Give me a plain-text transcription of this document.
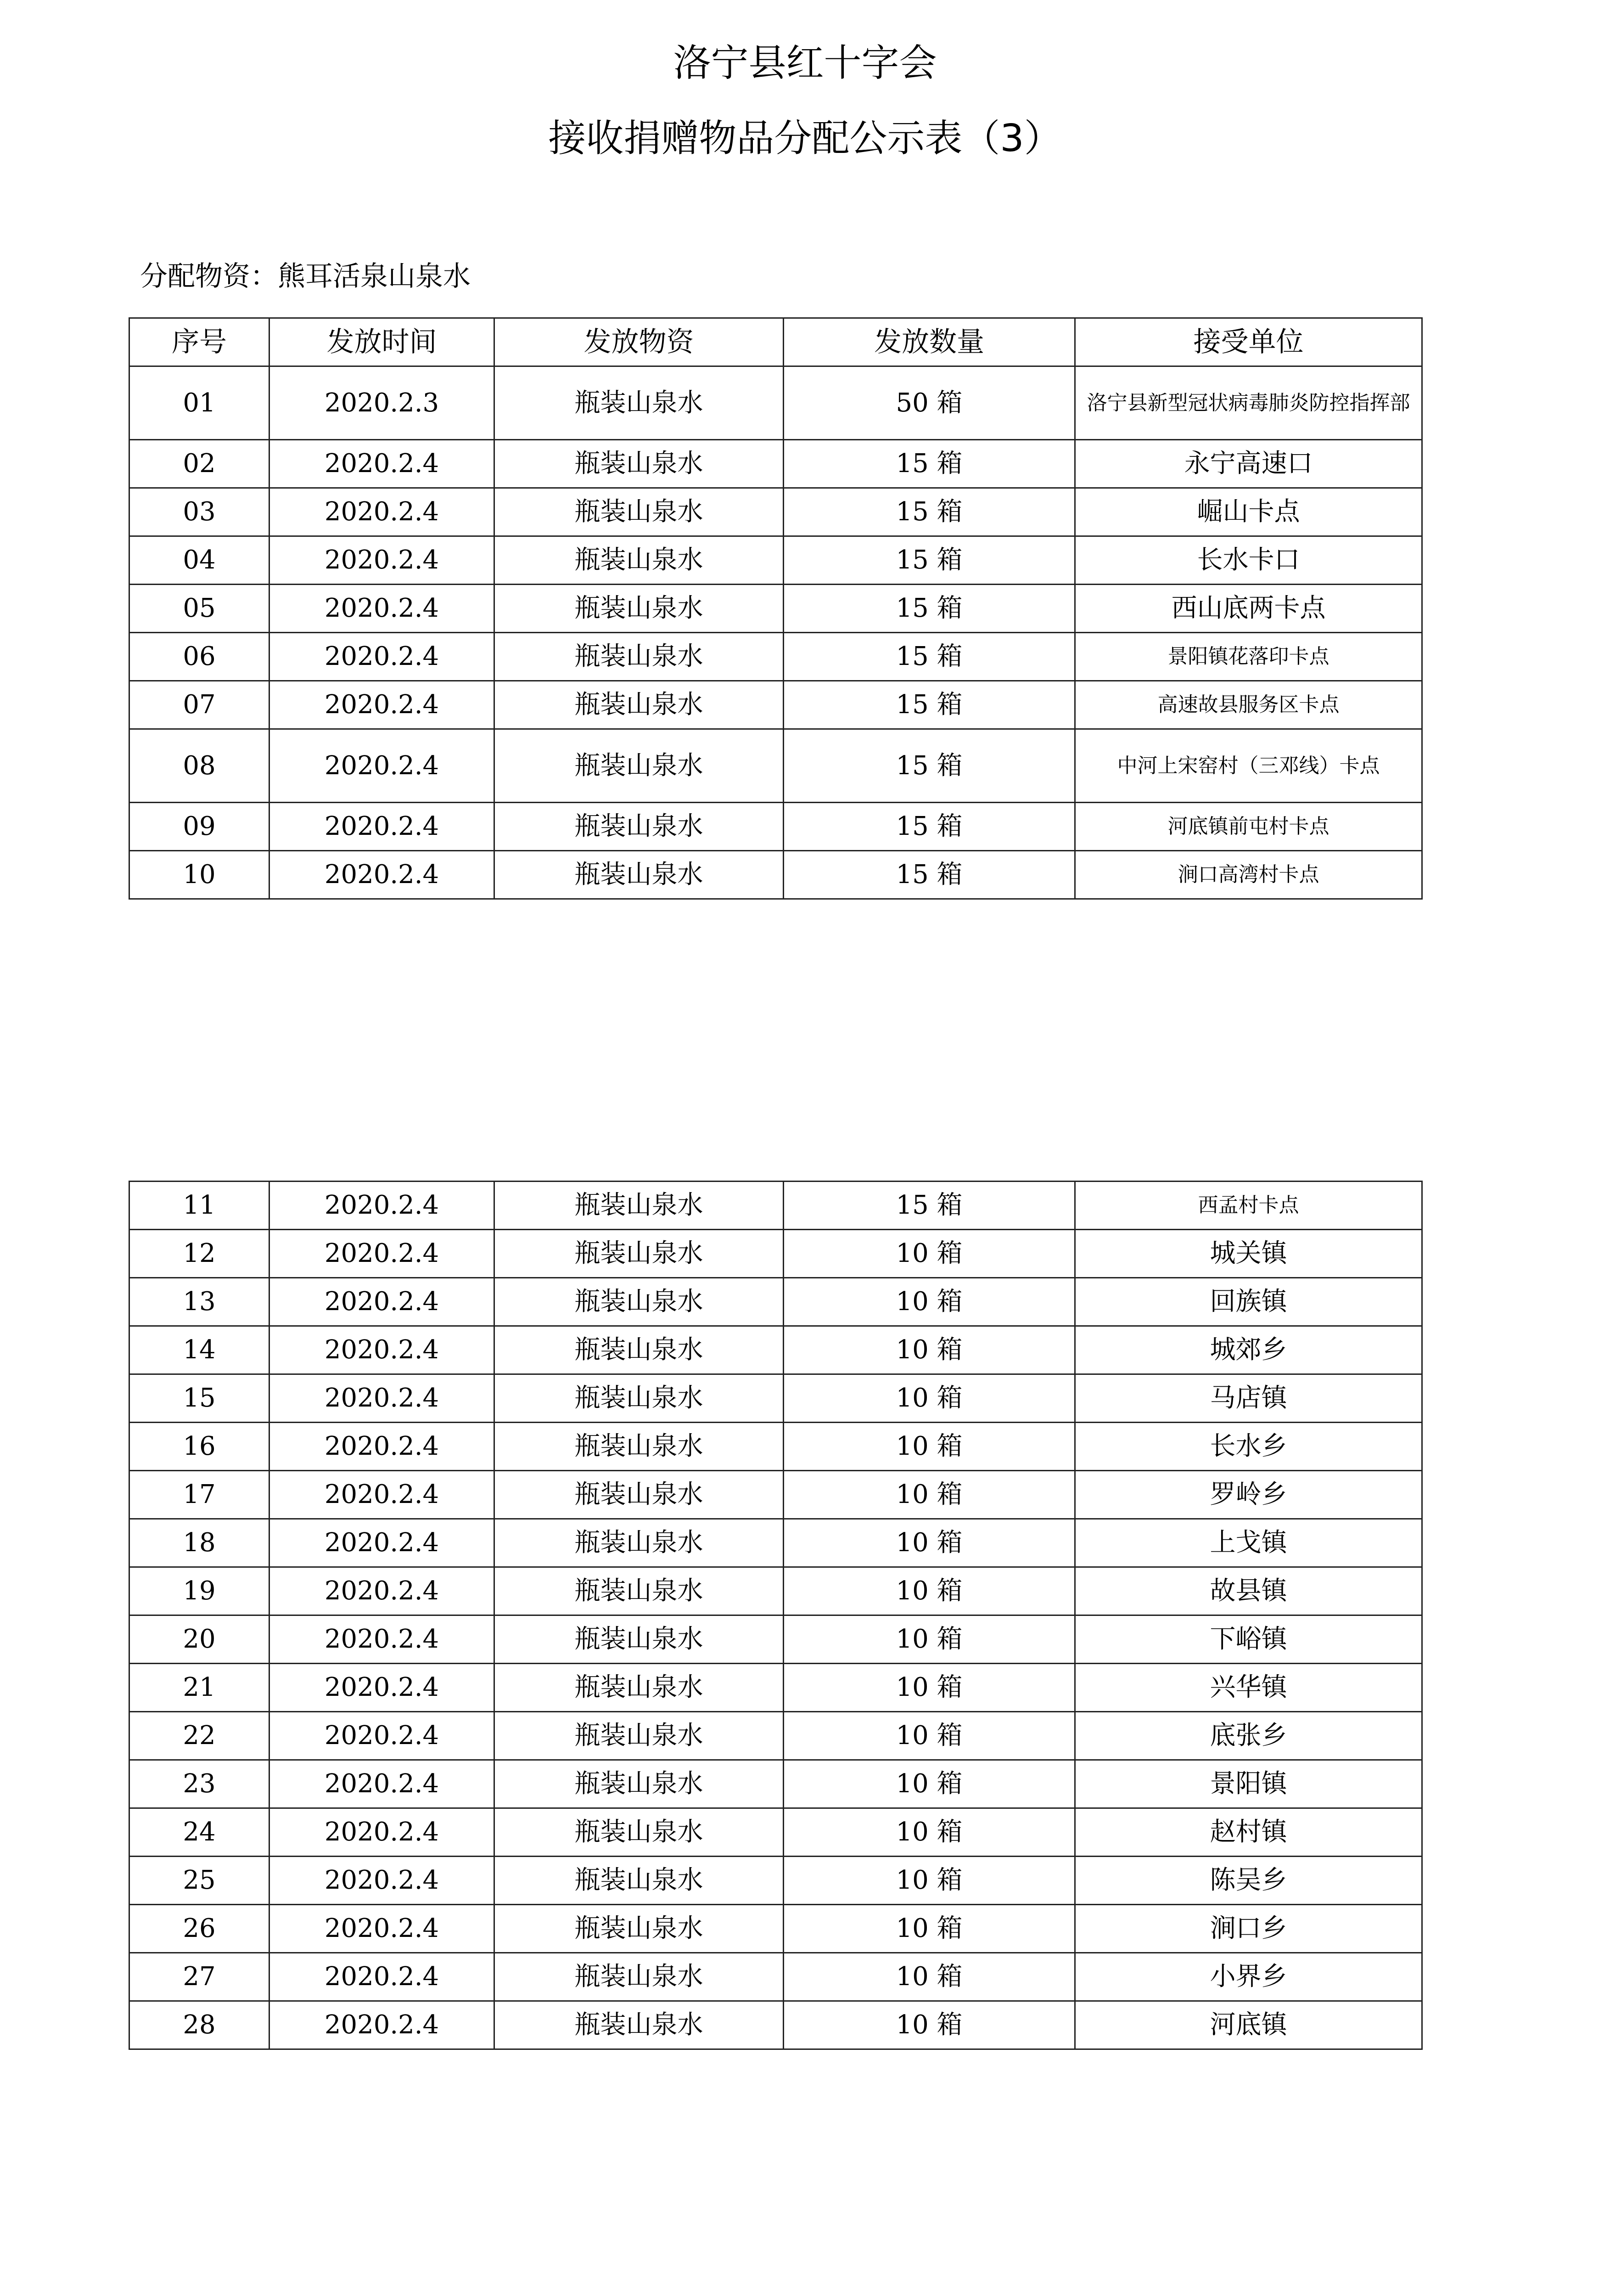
洛宁县红十字会
接收捐赠物品分配公示表（3）
分配物资：熊耳活泉山泉水
序号	发放时间	发放物资	发放数量	接受单位
01	2020.2.3	瓶装山泉水	50 箱	洛宁县新型冠状病毒肺炎防控指挥部
02	2020.2.4	瓶装山泉水	15 箱	永宁高速口
03	2020.2.4	瓶装山泉水	15 箱	崛山卡点
04	2020.2.4	瓶装山泉水	15 箱	长水卡口
05	2020.2.4	瓶装山泉水	15 箱	西山底两卡点
06	2020.2.4	瓶装山泉水	15 箱	景阳镇花落印卡点
07	2020.2.4	瓶装山泉水	15 箱	高速故县服务区卡点
08	2020.2.4	瓶装山泉水	15 箱	中河上宋窑村（三邓线）卡点
09	2020.2.4	瓶装山泉水	15 箱	河底镇前屯村卡点
10	2020.2.4	瓶装山泉水	15 箱	涧口高湾村卡点
11	2020.2.4	瓶装山泉水	15 箱	西孟村卡点
12	2020.2.4	瓶装山泉水	10 箱	城关镇
13	2020.2.4	瓶装山泉水	10 箱	回族镇
14	2020.2.4	瓶装山泉水	10 箱	城郊乡
15	2020.2.4	瓶装山泉水	10 箱	马店镇
16	2020.2.4	瓶装山泉水	10 箱	长水乡
17	2020.2.4	瓶装山泉水	10 箱	罗岭乡
18	2020.2.4	瓶装山泉水	10 箱	上戈镇
19	2020.2.4	瓶装山泉水	10 箱	故县镇
20	2020.2.4	瓶装山泉水	10 箱	下峪镇
21	2020.2.4	瓶装山泉水	10 箱	兴华镇
22	2020.2.4	瓶装山泉水	10 箱	底张乡
23	2020.2.4	瓶装山泉水	10 箱	景阳镇
24	2020.2.4	瓶装山泉水	10 箱	赵村镇
25	2020.2.4	瓶装山泉水	10 箱	陈吴乡
26	2020.2.4	瓶装山泉水	10 箱	涧口乡
27	2020.2.4	瓶装山泉水	10 箱	小界乡
28	2020.2.4	瓶装山泉水	10 箱	河底镇
